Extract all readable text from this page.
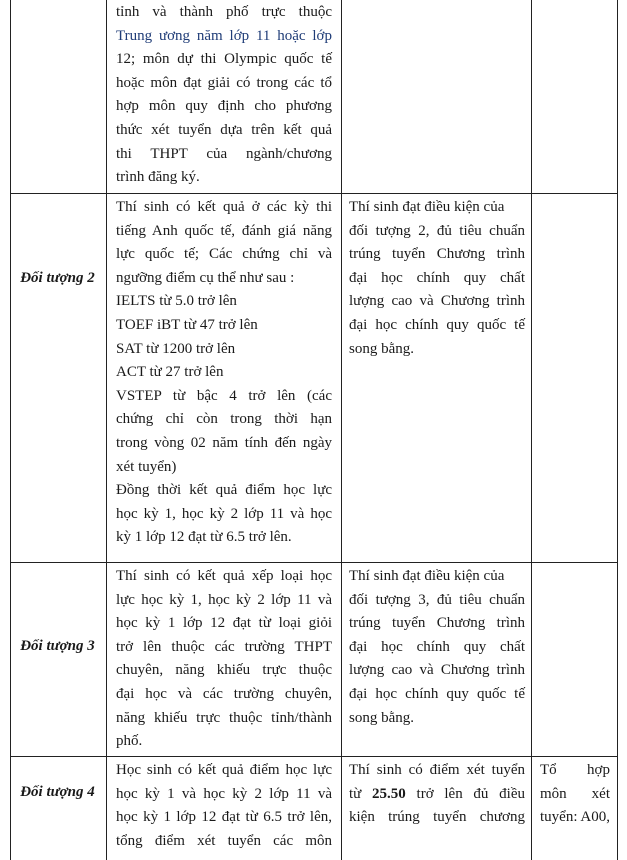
tỉnh và thành phố trực thuộc
Trung ương năm lớp 11 hoặc lớp
12; môn dự thi Olympic quốc tế
hoặc môn đạt giải có trong các tổ
hợp môn quy định cho phương
thức xét tuyển dựa trên kết quả
thi THPT của ngành/chương
trình đăng ký.
Đối tượng 2
Thí sinh có kết quả ở các kỳ thi
tiếng Anh quốc tế, đánh giá năng
lực quốc tế; Các chứng chỉ và
ngưỡng điểm cụ thể như sau :
IELTS từ 5.0 trở lên
TOEF iBT từ 47 trở lên
SAT từ 1200 trở lên
ACT từ 27 trở lên
VSTEP từ bậc 4 trở lên (các
chứng chỉ còn trong thời hạn
trong vòng 02 năm tính đến ngày
xét tuyển)
Đồng thời kết quả điểm học lực
học kỳ 1, học kỳ 2 lớp 11 và học
kỳ 1 lớp 12 đạt từ 6.5 trở lên.
Thí sinh đạt điều kiện của
đối tượng 2, đủ tiêu chuẩn
trúng tuyển Chương trình
đại học chính quy chất
lượng cao và Chương trình
đại học chính quy quốc tế
song bằng.
Đối tượng 3
Thí sinh có kết quả xếp loại học
lực học kỳ 1, học kỳ 2 lớp 11 và
học kỳ 1 lớp 12 đạt từ loại giỏi
trở lên thuộc các trường THPT
chuyên, năng khiếu trực thuộc
đại học và các trường chuyên,
năng khiếu trực thuộc tỉnh/thành
phố.
Thí sinh đạt điều kiện của
đối tượng 3, đủ tiêu chuẩn
trúng tuyển Chương trình
đại học chính quy chất
lượng cao và Chương trình
đại học chính quy quốc tế
song bằng.
Đối tượng 4
Học sinh có kết quả điểm học lực
học kỳ 1 và học kỳ 2 lớp 11 và
học kỳ 1 lớp 12 đạt từ 6.5 trở lên,
tổng điểm xét tuyển các môn
Thí sinh có điểm xét tuyển
từ 25.50 trở lên đủ điều
kiện trúng tuyển chương
Tổ hợp
môn xét
tuyển: A00,
